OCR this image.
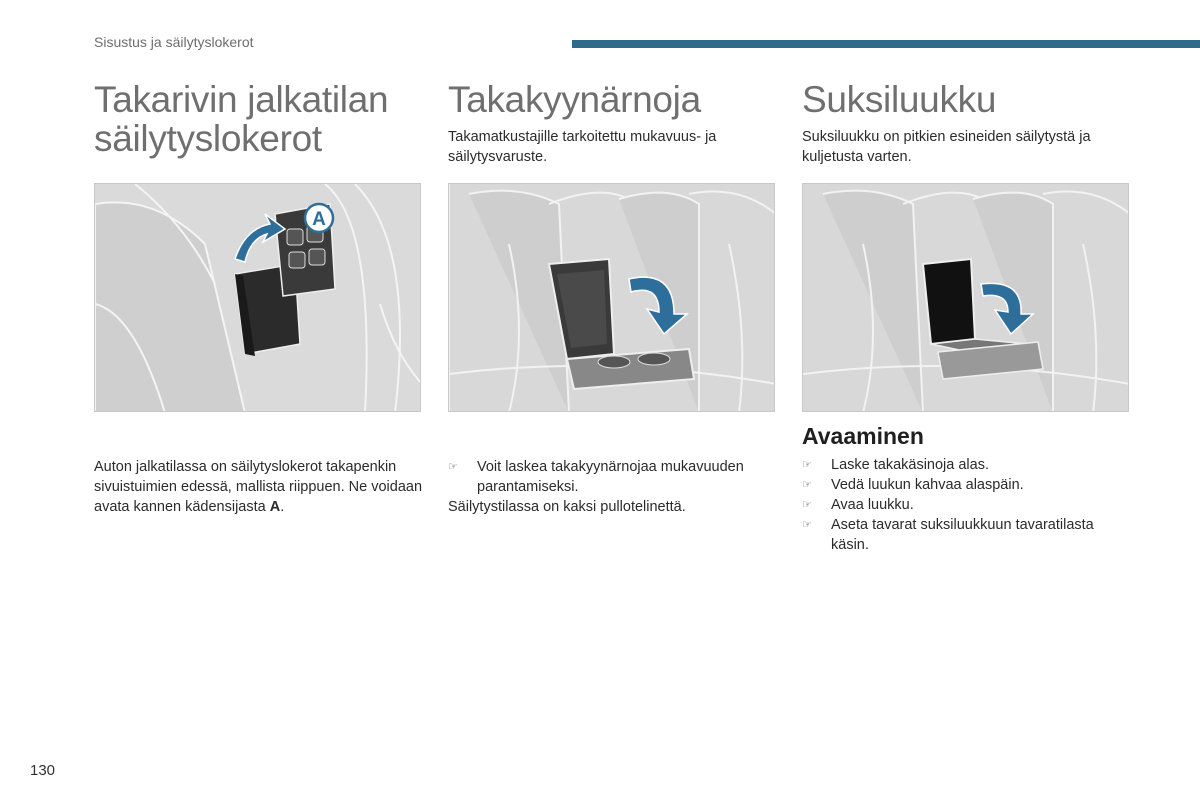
Sisustus ja säilytyslokerot
Takarivin jalkatilan
säilytyslokerot
A
Auton jalkatilassa on säilytyslokerot takapenkin sivuistuimien edessä, mallista riippuen. Ne voidaan avata kannen kädensijasta A.
Takakyynärnoja

Takamatkustajille tarkoitettu mukavuus- ja säilytysvaruste.

☞ Voit laskea takakyynärnojaa mukavuuden parantamiseksi.
Säilytystilassa on kaksi pullotelinettä.
Suksiluukku

Suksiluukku on pitkien esineiden säilytystä ja kuljetusta varten.

Avaaminen
☞ Laske takakäsinoja alas.
☞ Vedä luukun kahvaa alaspäin.
☞ Avaa luukku.
☞ Aseta tavarat suksiluukkuun tavaratilasta käsin.
130
